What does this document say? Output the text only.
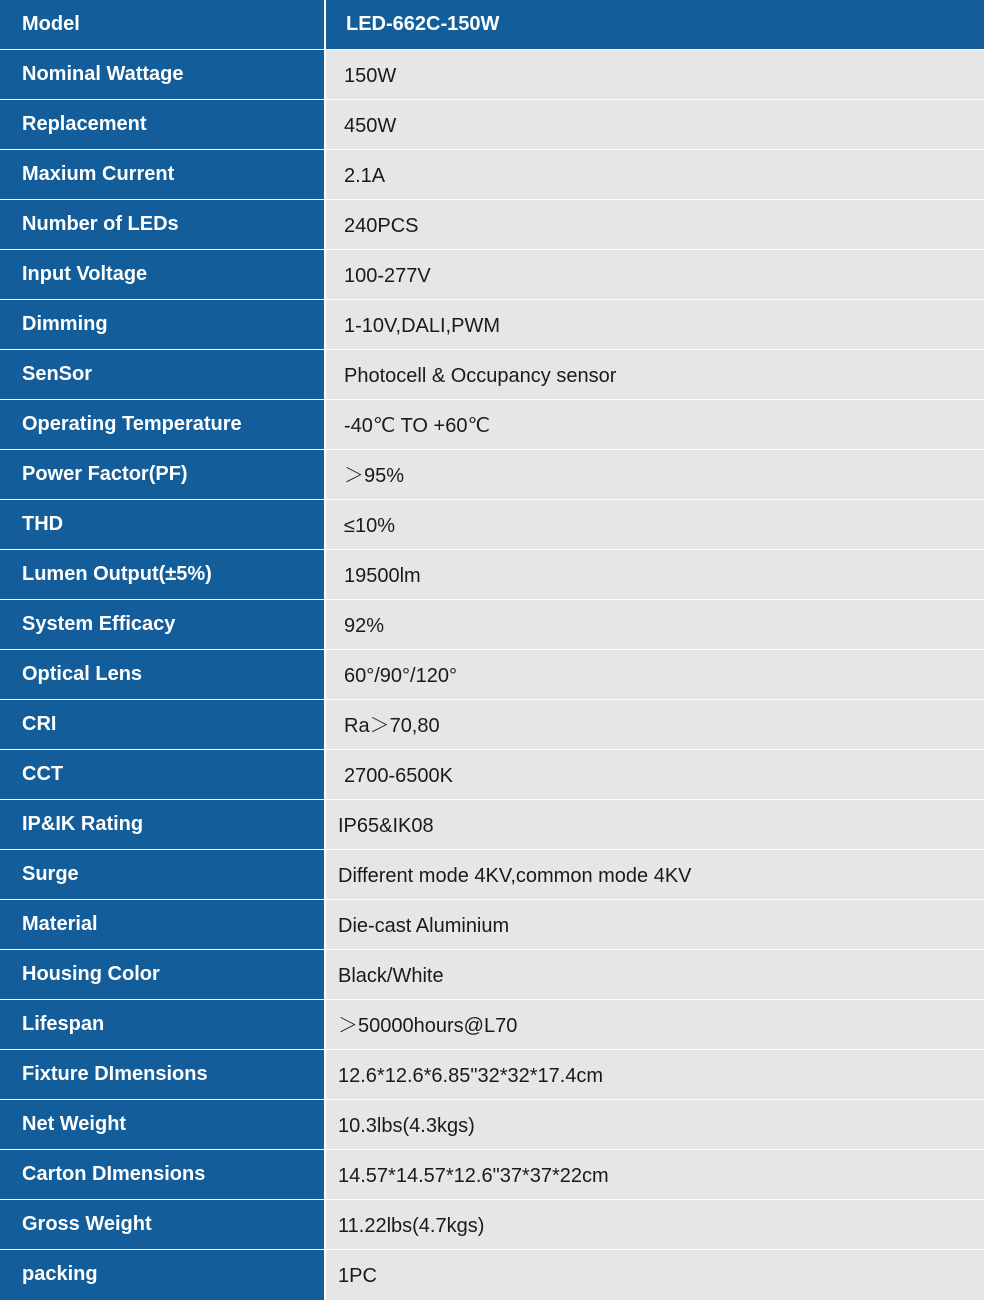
Model	LED-662C-150W
Nominal Wattage	150W
Replacement	450W
Maxium Current	2.1A
Number of LEDs	240PCS
Input Voltage	100-277V
Dimming	1-10V,DALI,PWM
SenSor	Photocell & Occupancy sensor
Operating Temperature	-40℃ TO +60℃
Power Factor(PF)	＞95%
THD	≤10%
Lumen Output(±5%)	19500lm
System Efficacy	92%
Optical Lens	60°/90°/120°
CRI	Ra＞70,80
CCT	2700-6500K
IP&IK Rating	IP65&IK08
Surge	Different mode 4KV,common mode 4KV
Material	Die-cast Aluminium
Housing Color	Black/White
Lifespan	＞50000hours@L70
Fixture DImensions	12.6*12.6*6.85"32*32*17.4cm
Net Weight	10.3lbs(4.3kgs)
Carton DImensions	14.57*14.57*12.6"37*37*22cm
Gross Weight	11.22lbs(4.7kgs)
packing	1PC
